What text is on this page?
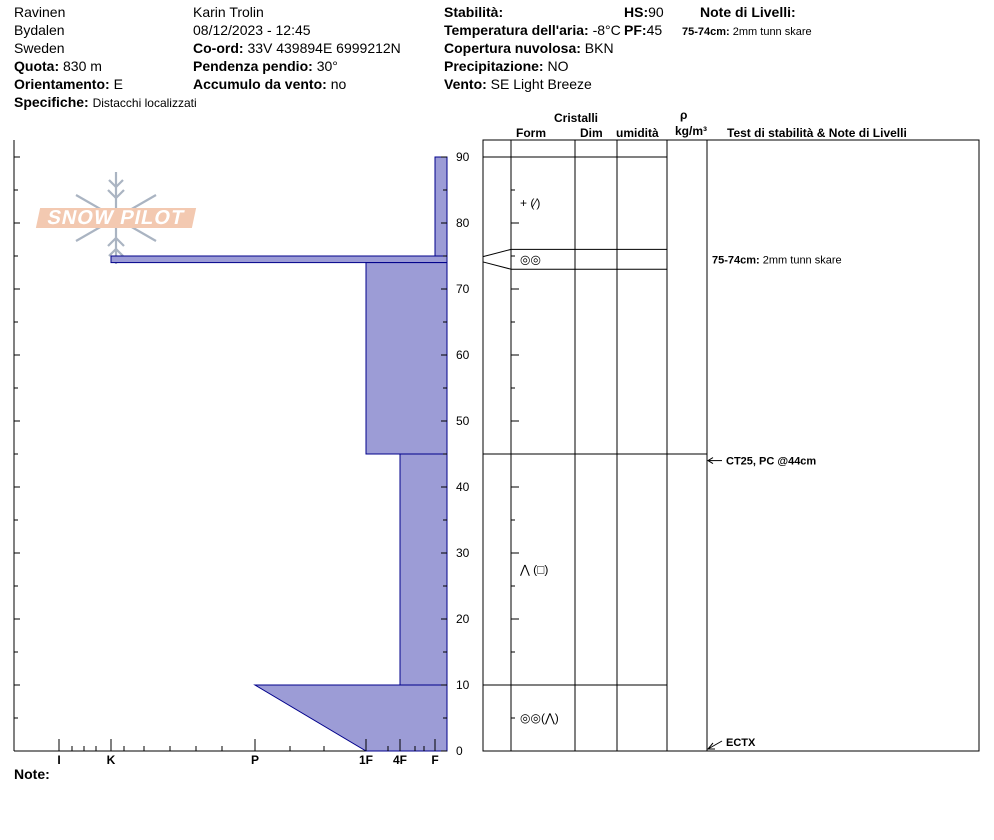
Ravinen
Bydalen
Sweden
Quota: 830 m
Orientamento: E
Specifiche: Distacchi localizzati
Karin Trolin
08/12/2023 - 12:45
Co-ord: 33V 439894E 6999212N
Pendenza pendio: 30°
Accumulo da vento: no
Stabilità:
Temperatura dell'aria: -8°C
Copertura nuvolosa: BKN
Precipitazione: NO
Vento: SE Light Breeze
HS:90
PF:45
Note di Livelli:
75-74cm: 2mm tunn skare
Cristalli
Form	Dim umidità
ρ
kg/m³ Test di stabilità & Note di Livelli
Note:
SNOW PILOT
0
10
20
30
40
50
60
70
80
90
I	K	P	1F 4F F
+ (⁄)
◎◎
⋀ (□)
◎◎(⋀)
75-74cm: 2mm tunn skare
CT25, PC @44cm
ECTX
